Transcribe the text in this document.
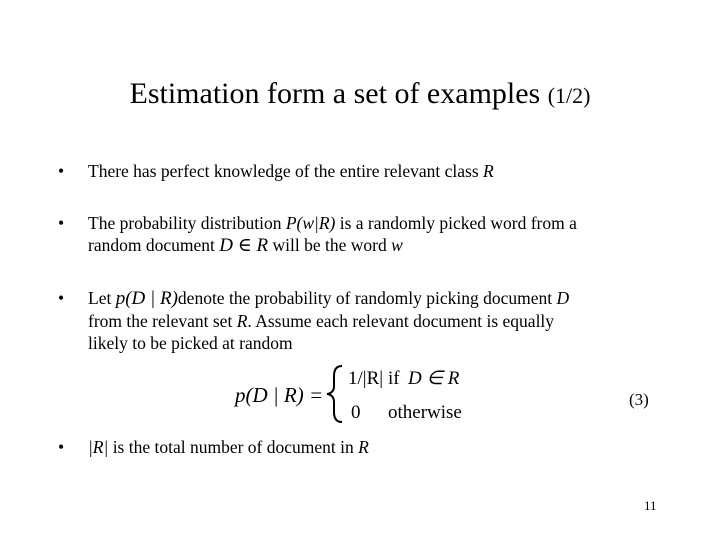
Estimation form a set of examples (1/2)
•	There has perfect knowledge of the entire relevant class R
•	The probability distribution P(w|R) is a randomly picked word from a
random document D ∈ R will be the word w
•	Let p(D | R)denote the probability of randomly picking document D
from the relevant set R. Assume each relevant document is equally
likely to be picked at random
p(D | R) =
1/|R| if D ∈ R
0 otherwise
(3)
•	|R| is the total number of document in R
11
